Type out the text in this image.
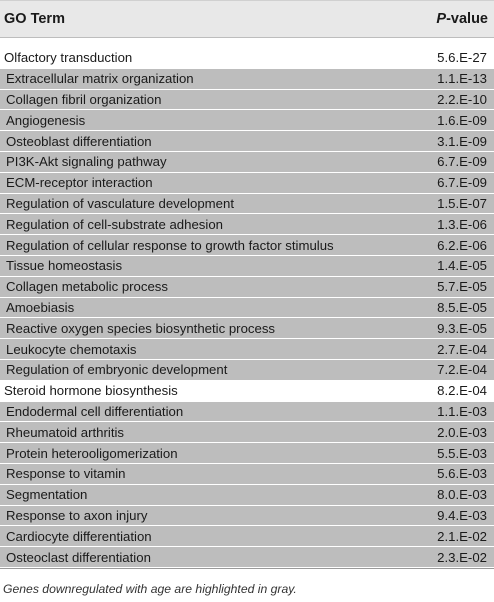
GO Term	P-value
Olfactory transduction	5.6.E-27
Extracellular matrix organization	1.1.E-13
Collagen fibril organization	2.2.E-10
Angiogenesis	1.6.E-09
Osteoblast differentiation	3.1.E-09
PI3K-Akt signaling pathway	6.7.E-09
ECM-receptor interaction	6.7.E-09
Regulation of vasculature development	1.5.E-07
Regulation of cell-substrate adhesion	1.3.E-06
Regulation of cellular response to growth factor stimulus	6.2.E-06
Tissue homeostasis	1.4.E-05
Collagen metabolic process	5.7.E-05
Amoebiasis	8.5.E-05
Reactive oxygen species biosynthetic process	9.3.E-05
Leukocyte chemotaxis	2.7.E-04
Regulation of embryonic development	7.2.E-04
Steroid hormone biosynthesis	8.2.E-04
Endodermal cell differentiation	1.1.E-03
Rheumatoid arthritis	2.0.E-03
Protein heterooligomerization	5.5.E-03
Response to vitamin	5.6.E-03
Segmentation	8.0.E-03
Response to axon injury	9.4.E-03
Cardiocyte differentiation	2.1.E-02
Osteoclast differentiation	2.3.E-02
Genes downregulated with age are highlighted in gray.
